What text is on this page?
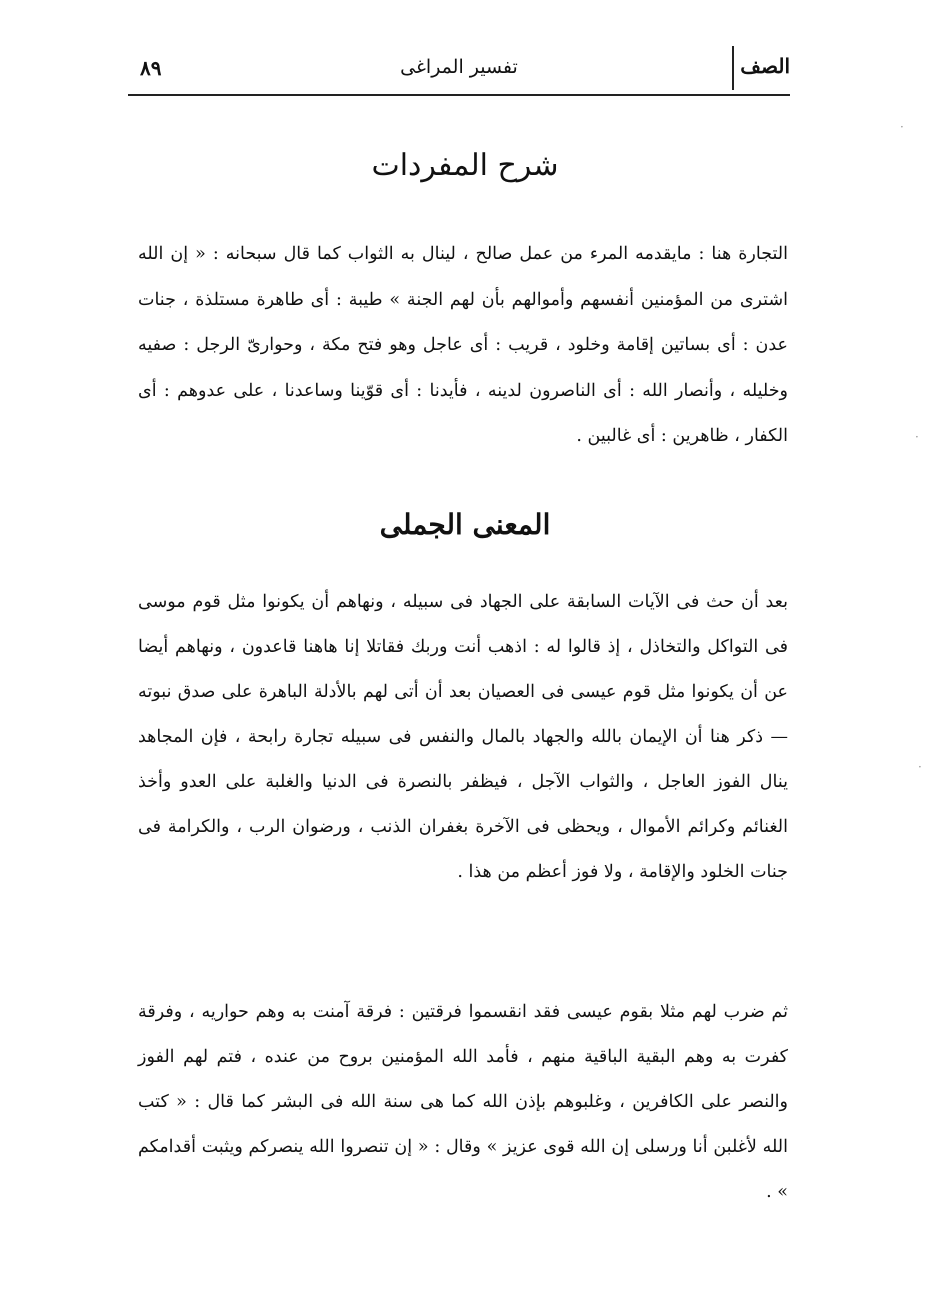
الصف
تفسير المراغى
٨٩
شرح المفردات

التجارة هنا : مايقدمه المرء من عمل صالح ، لينال به الثواب كما قال سبحانه : « إن الله اشترى من المؤمنين أنفسهم وأموالهم بأن لهم الجنة » طيبة : أى طاهرة مستلذة ، جنات عدن : أى بساتين إقامة وخلود ، قريب : أى عاجل وهو فتح مكة ، وحوارىّ الرجل : صفيه وخليله ، وأنصار الله : أى الناصرون لدينه ، فأيدنا : أى قوّينا وساعدنا ، على عدوهم : أى الكفار ، ظاهرين : أى غالبين .

المعنى الجملى

بعد أن حث فى الآيات السابقة على الجهاد فى سبيله ، ونهاهم أن يكونوا مثل قوم موسى فى التواكل والتخاذل ، إذ قالوا له : اذهب أنت وربك فقاتلا إنا هاهنا قاعدون ، ونهاهم أيضا عن أن يكونوا مثل قوم عيسى فى العصيان بعد أن أتى لهم بالأدلة الباهرة على صدق نبوته — ذكر هنا أن الإيمان بالله والجهاد بالمال والنفس فى سبيله تجارة رابحة ، فإن المجاهد ينال الفوز العاجل ، والثواب الآجل ، فيظفر بالنصرة فى الدنيا والغلبة على العدو وأخذ الغنائم وكرائم الأموال ، ويحظى فى الآخرة بغفران الذنب ، ورضوان الرب ، والكرامة فى جنات الخلود والإقامة ، ولا فوز أعظم من هذا .

ثم ضرب لهم مثلا بقوم عيسى فقد انقسموا فرقتين : فرقة آمنت به وهم حواريه ، وفرقة كفرت به وهم البقية الباقية منهم ، فأمد الله المؤمنين بروح من عنده ، فتم لهم الفوز والنصر على الكافرين ، وغلبوهم بإذن الله كما هى سنة الله فى البشر كما قال : « كتب الله لأغلبن أنا ورسلى إن الله قوى عزيز » وقال : « إن تنصروا الله ينصركم ويثبت أقدامكم » .

·
·
·
